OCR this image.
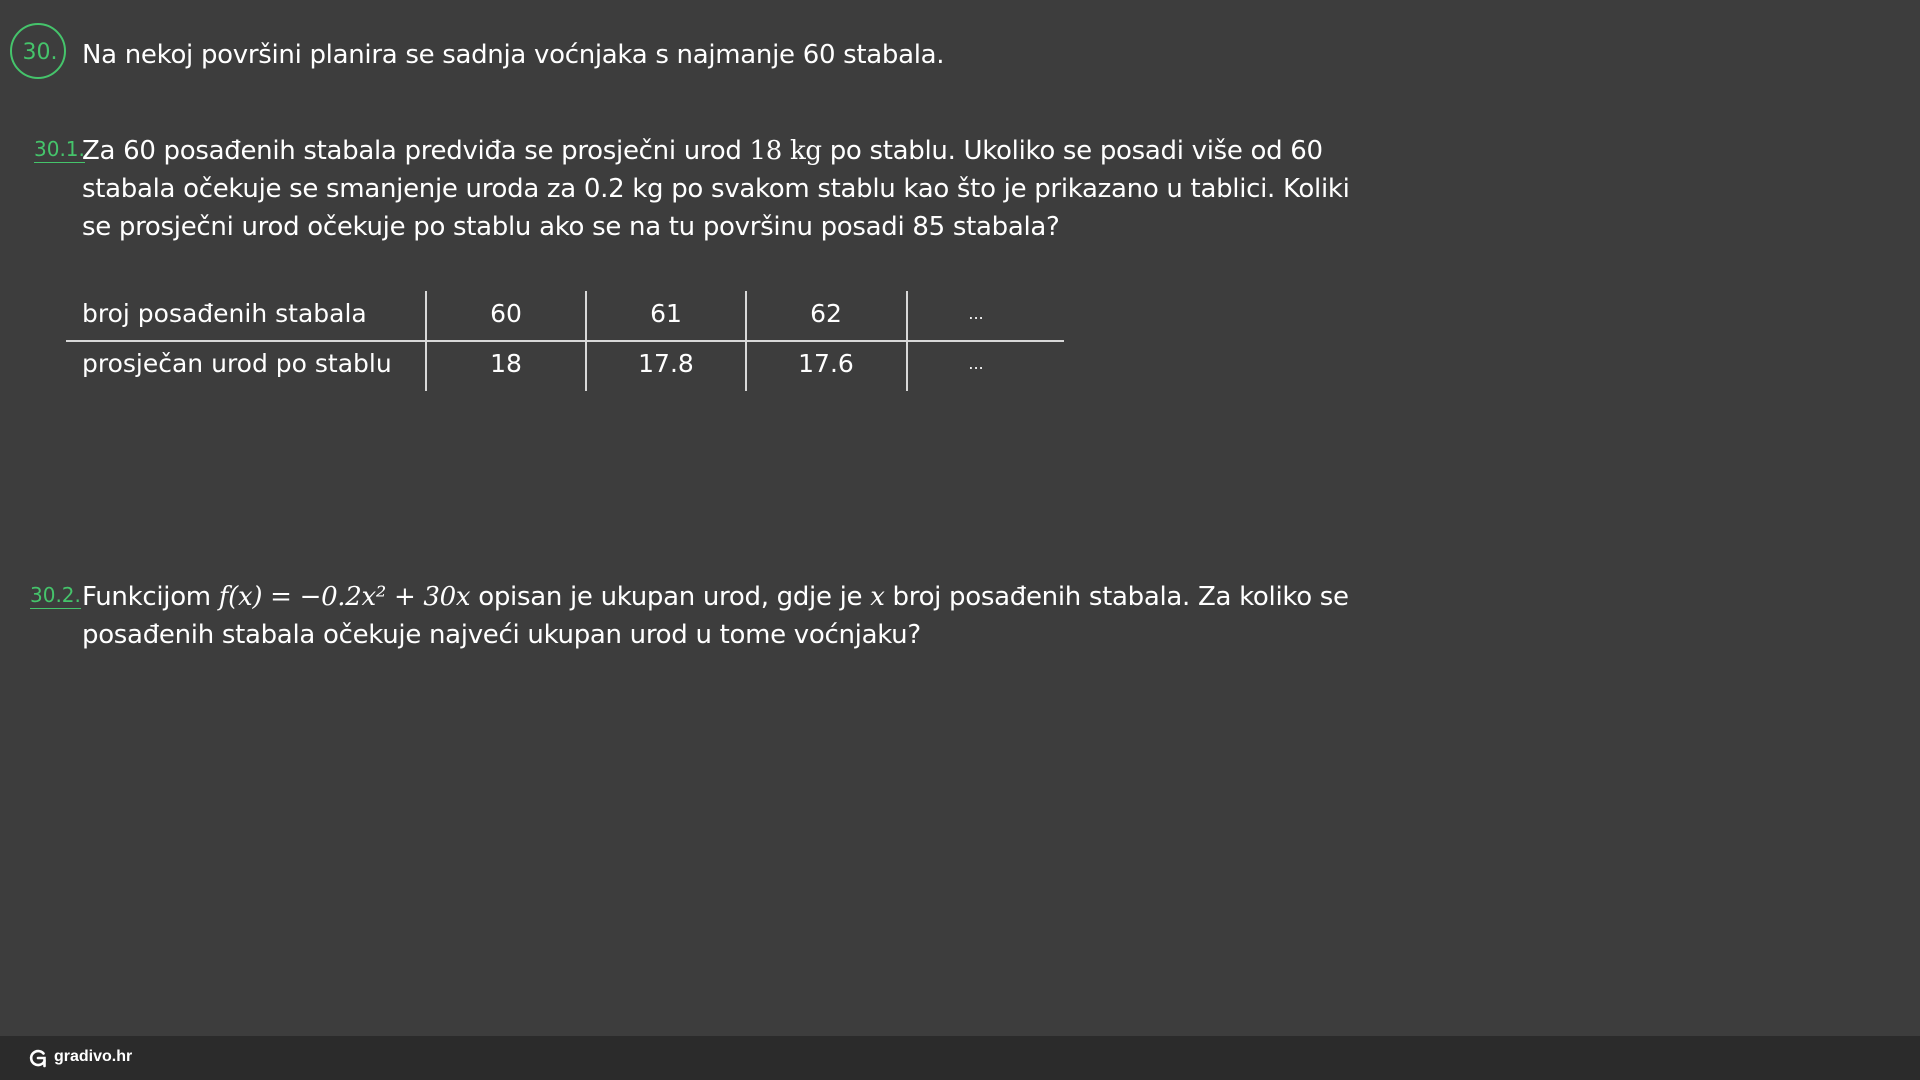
30. Na nekoj površini planira se sadnja voćnjaka s najmanje 60 stabala.
30.1.
Za 60 posađenih stabala predviđa se prosječni urod 18 kg po stablu. Ukoliko se posadi više od 60 stabala očekuje se smanjenje uroda za 0.2 kg po svakom stablu kao što je prikazano u tablici. Koliki se prosječni urod očekuje po stablu ako se na tu površinu posadi 85 stabala?
broj posađenih stabala	60	61	62	...
prosječan urod po stablu	18	17.8	17.6	...
30.2. Funkcijom f(x) = −0.2x² + 30x opisan je ukupan urod, gdje je x broj posađenih stabala. Za koliko se posađenih stabala očekuje najveći ukupan urod u tome voćnjaku?
gradivo.hr
